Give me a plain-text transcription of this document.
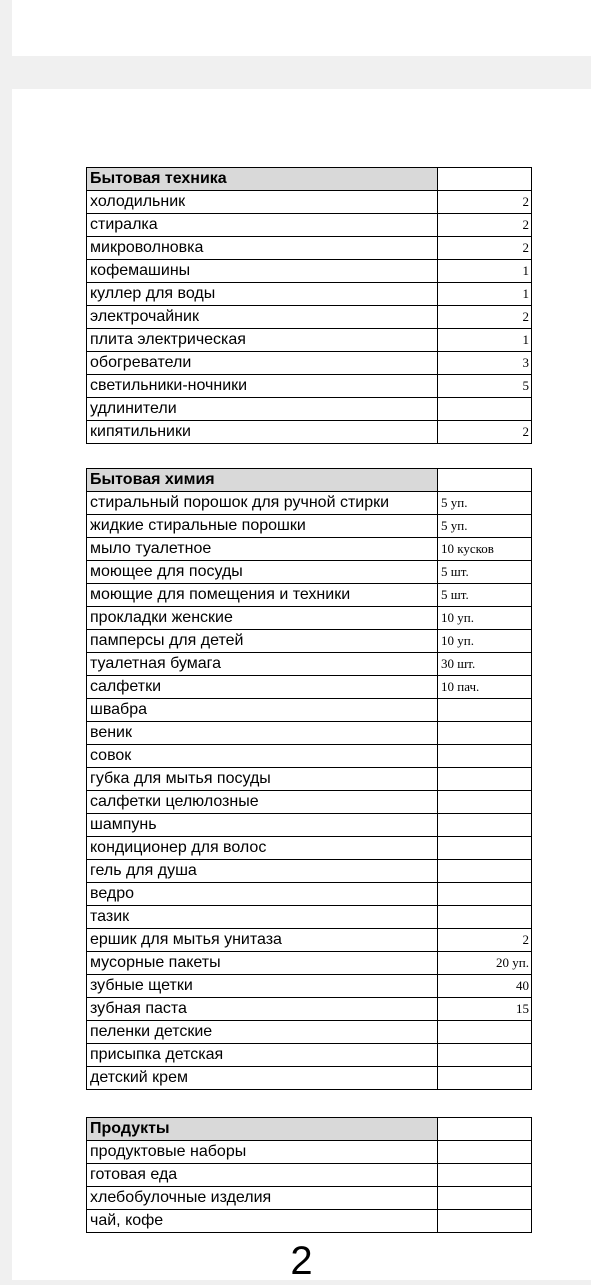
Бытовая техника	
холодильник	2
стиралка	2
микроволновка	2
кофемашины	1
куллер для воды	1
электрочайник	2
плита электрическая	1
обогреватели	3
светильники-ночники	5
удлинители	
кипятильники	2
Бытовая химия	
стиральный порошок для ручной стирки	5 уп.
жидкие стиральные порошки	5 уп.
мыло туалетное	10 кусков
моющее для посуды	5 шт.
моющие для помещения и техники	5 шт.
прокладки женские	10 уп.
памперсы для детей	10 уп.
туалетная бумага	30 шт.
салфетки	10 пач.
швабра	
веник	
совок	
губка для мытья посуды	
салфетки целюлозные	
шампунь	
кондиционер для волос	
гель для душа	
ведро	
тазик	
ершик для мытья унитаза	2
мусорные пакеты	20 уп.
зубные щетки	40
зубная паста	15
пеленки детские	
присыпка детская	
детский крем	
Продукты	
продуктовые наборы	
готовая еда	
хлебобулочные изделия	
чай, кофе	
2
